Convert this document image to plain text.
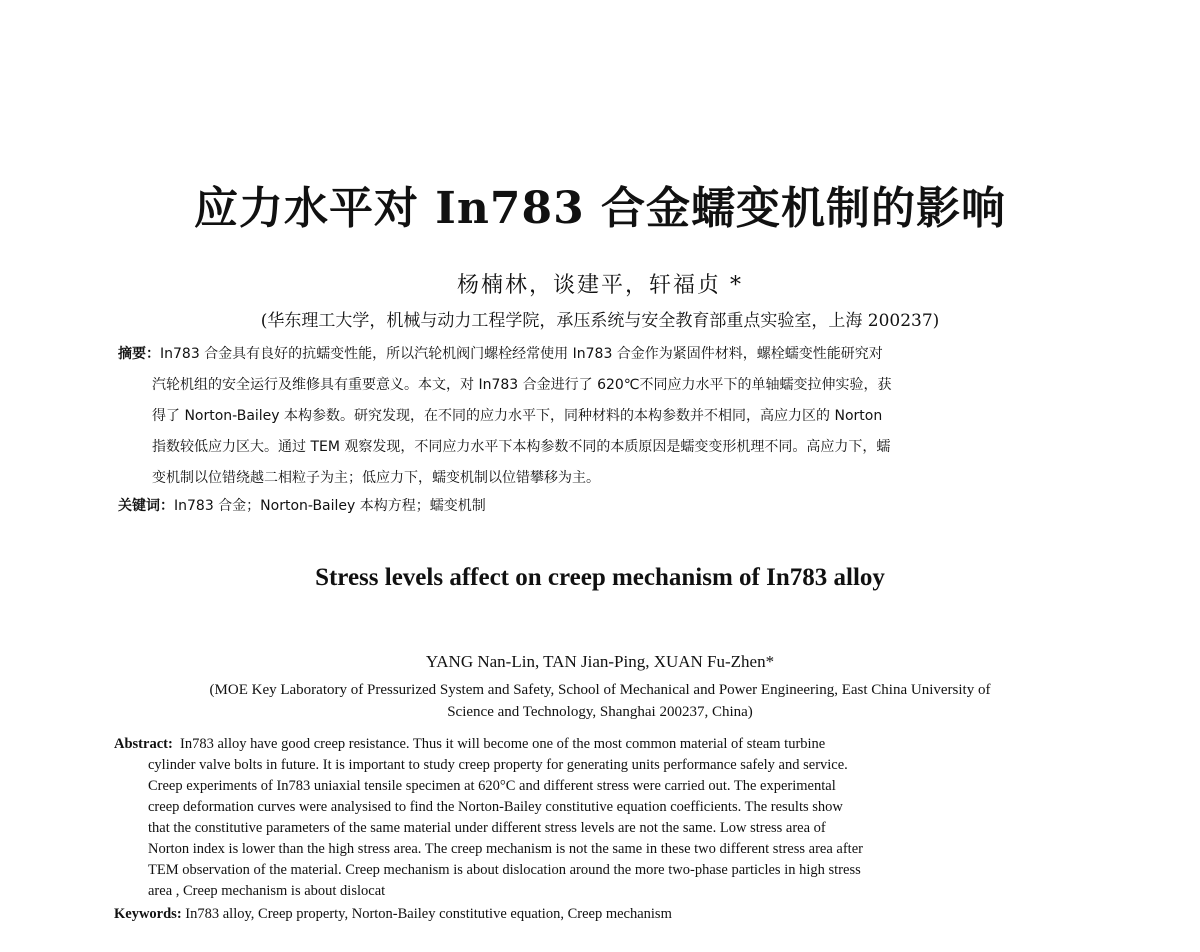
应力水平对 In783 合金蠕变机制的影响
杨楠林，谈建平，轩福贞 *
(华东理工大学，机械与动力工程学院，承压系统与安全教育部重点实验室，上海 200237)
摘要：In783 合金具有良好的抗蠕变性能，所以汽轮机阀门螺栓经常使用 In783 合金作为紧固件材料，螺栓蠕变性能研究对
汽轮机组的安全运行及维修具有重要意义。本文，对 In783 合金进行了 620℃不同应力水平下的单轴蠕变拉伸实验，获
得了 Norton-Bailey 本构参数。研究发现，在不同的应力水平下，同种材料的本构参数并不相同，高应力区的 Norton
指数较低应力区大。通过 TEM 观察发现，不同应力水平下本构参数不同的本质原因是蠕变变形机理不同。高应力下，蠕
变机制以位错绕越二相粒子为主；低应力下，蠕变机制以位错攀移为主。
关键词：In783 合金；Norton-Bailey 本构方程；蠕变机制
Stress levels affect on creep mechanism of In783 alloy
YANG Nan-Lin, TAN Jian-Ping, XUAN Fu-Zhen*
(MOE Key Laboratory of Pressurized System and Safety, School of Mechanical and Power Engineering, East China University of
Science and Technology, Shanghai 200237, China)
Abstract: In783 alloy have good creep resistance. Thus it will become one of the most common material of steam turbine
cylinder valve bolts in future. It is important to study creep property for generating units performance safely and service.
Creep experiments of In783 uniaxial tensile specimen at 620°C and different stress were carried out. The experimental
creep deformation curves were analysised to find the Norton-Bailey constitutive equation coefficients. The results show
that the constitutive parameters of the same material under different stress levels are not the same. Low stress area of
Norton index is lower than the high stress area. The creep mechanism is not the same in these two different stress area after
TEM observation of the material. Creep mechanism is about dislocation around the more two-phase particles in high stress
area , Creep mechanism is about dislocat
Keywords: In783 alloy, Creep property, Norton-Bailey constitutive equation, Creep mechanism
